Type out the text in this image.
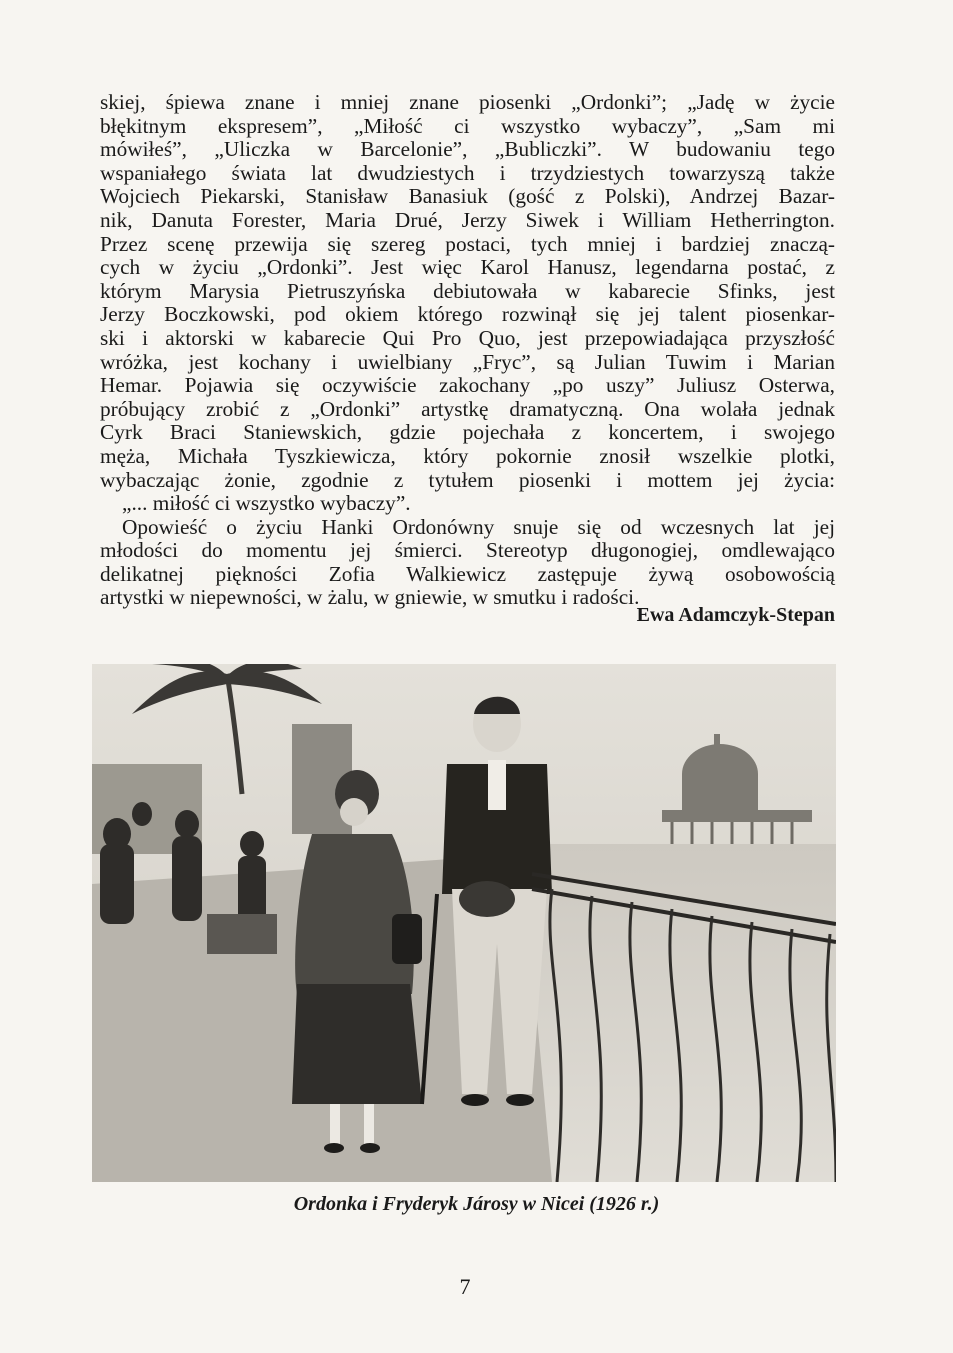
skiej, śpiewa znane i mniej znane piosenki „Ordonki”; „Jadę w życie
błękitnym ekspresem”, „Miłość ci wszystko wybaczy”, „Sam mi
mówiłeś”, „Uliczka w Barcelonie”, „Bubliczki”. W budowaniu tego
wspaniałego świata lat dwudziestych i trzydziestych towarzyszą także
Wojciech Piekarski, Stanisław Banasiuk (gość z Polski), Andrzej Bazar-
nik, Danuta Forester, Maria Drué, Jerzy Siwek i William Hetherrington.
Przez scenę przewija się szereg postaci, tych mniej i bardziej znaczą-
cych w życiu „Ordonki”. Jest więc Karol Hanusz, legendarna postać, z
którym Marysia Pietruszyńska debiutowała w kabarecie Sfinks, jest
Jerzy Boczkowski, pod okiem którego rozwinął się jej talent piosenkar-
ski i aktorski w kabarecie Qui Pro Quo, jest przepowiadająca przyszłość
wróżka, jest kochany i uwielbiany „Fryc”, są Julian Tuwim i Marian
Hemar. Pojawia się oczywiście zakochany „po uszy” Juliusz Osterwa,
próbujący zrobić z „Ordonki” artystkę dramatyczną. Ona wolała jednak
Cyrk Braci Staniewskich, gdzie pojechała z koncertem, i swojego
męża, Michała Tyszkiewicza, który pokornie znosił wszelkie plotki,
wybaczając żonie, zgodnie z tytułem piosenki i mottem jej życia:
„... miłość ci wszystko wybaczy”.

Opowieść o życiu Hanki Ordonówny snuje się od wczesnych lat jej
młodości do momentu jej śmierci. Stereotyp długonogiej, omdlewająco
delikatnej piękności Zofia Walkiewicz zastępuje żywą osobowością
artystki w niepewności, w żalu, w gniewie, w smutku i radości.

Ewa Adamczyk-Stepan
Ordonka i Fryderyk Járosy w Nicei (1926 r.)
7
